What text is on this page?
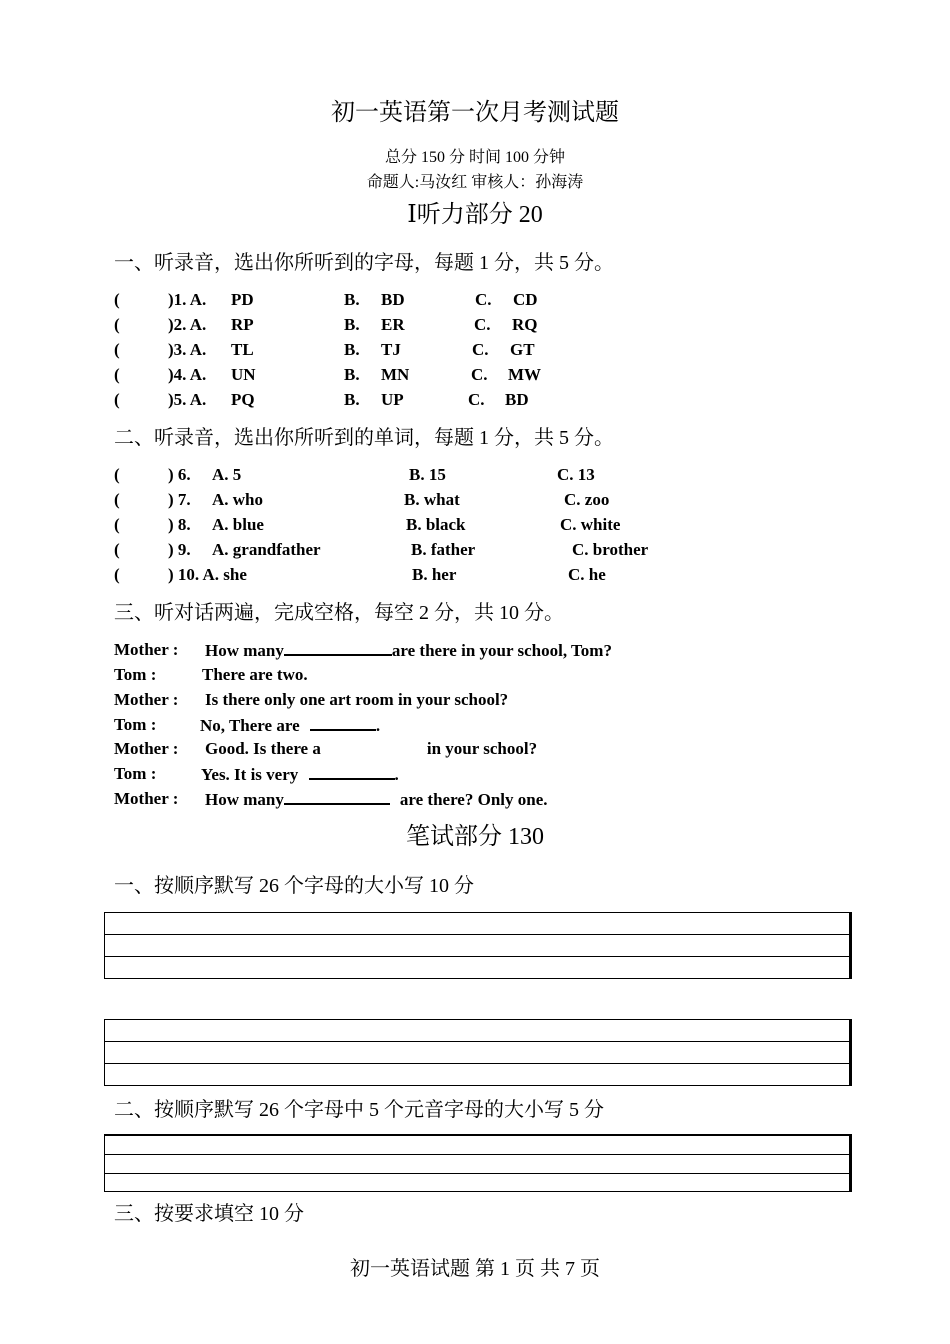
初一英语第一次月考测试题
总分 150 分 时间 100 分钟
命题人:马汝红 审核人：孙海涛
Ⅰ听力部分 20
一、听录音，选出你所听到的字母，每题 1 分，共 5 分。
(	)1. A. PD	B. BD	C. CD
(	)2. A. RP	B. ER	C. RQ
(	)3. A. TL	B. TJ	C. GT
(	)4. A. UN	B. MN	C. MW
(	)5. A. PQ	B. UP	C. BD
二、听录音，选出你所听到的单词，每题 1 分，共 5 分。
(	) 6. A. 5	B. 15	C. 13
(	) 7. A. who	B. what	C. zoo
(	) 8. A. blue	B. black	C. white
(	) 9. A. grandfather	B. father	C. brother
(	) 10. A. she	B. her	C. he
三、听对话两遍，完成空格，每空 2 分，共 10 分。
Mother : How many	are there in your school, Tom?
Tom :	There are two.
Mother : Is there only one art room in your school?
Tom :	No, There are	.
Mother : Good. Is there a	in your school?
Tom :	Yes. It is very	.
Mother : How many	are there? Only one.
笔试部分 130
一、按顺序默写 26 个字母的大小写 10 分
二、按顺序默写 26 个字母中 5 个元音字母的大小写 5 分
三、按要求填空 10 分
初一英语试题 第 1 页 共 7 页
